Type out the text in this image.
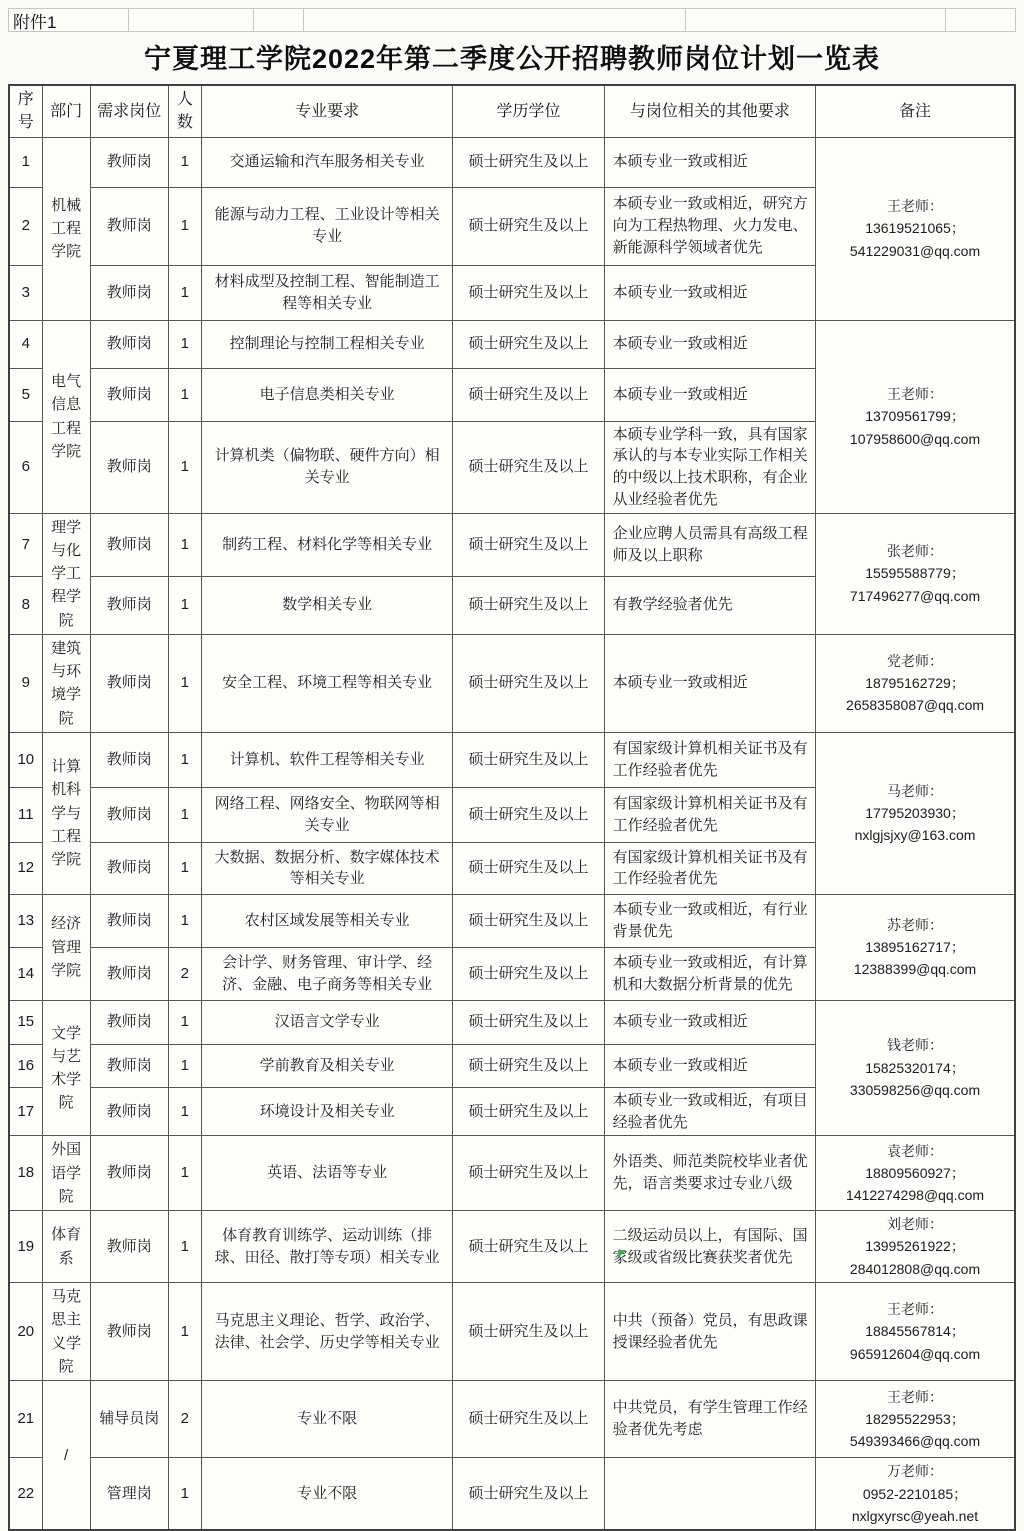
附件1
宁夏理工学院2022年第二季度公开招聘教师岗位计划一览表
序号	部门	需求岗位	人数	专业要求	学历学位	与岗位相关的其他要求	备注
1	机械工程学院	教师岗	1	交通运输和汽车服务相关专业	硕士研究生及以上	本硕专业一致或相近	王老师：
13619521065；
541229031@qq.com

2		教师岗	1	能源与动力工程、工业设计等相关专业	硕士研究生及以上	本硕专业一致或相近，研究方向为工程热物理、火力发电、新能源科学领域者优先	
3		教师岗	1	材料成型及控制工程、智能制造工程等相关专业	硕士研究生及以上	本硕专业一致或相近	
4	电气信息工程学院	教师岗	1	控制理论与控制工程相关专业	硕士研究生及以上	本硕专业一致或相近	王老师：
13709561799；
107958600@qq.com

5		教师岗	1	电子信息类相关专业	硕士研究生及以上	本硕专业一致或相近	
6		教师岗	1	计算机类（偏物联、硬件方向）相关专业	硕士研究生及以上	本硕专业学科一致，具有国家承认的与本专业实际工作相关的中级以上技术职称，有企业从业经验者优先	
7	理学与化学工程学院	教师岗	1	制药工程、材料化学等相关专业	硕士研究生及以上	企业应聘人员需具有高级工程师及以上职称	张老师：
15595588779；
717496277@qq.com

8		教师岗	1	数学相关专业	硕士研究生及以上	有教学经验者优先	
9	建筑与环境学院	教师岗	1	安全工程、环境工程等相关专业	硕士研究生及以上	本硕专业一致或相近	党老师：
18795162729；
2658358087@qq.com

10	计算机科学与工程学院	教师岗	1	计算机、软件工程等相关专业	硕士研究生及以上	有国家级计算机相关证书及有工作经验者优先	马老师：
17795203930；
nxlgjsjxy@163.com

11		教师岗	1	网络工程、网络安全、物联网等相关专业	硕士研究生及以上	有国家级计算机相关证书及有工作经验者优先	
12		教师岗	1	大数据、数据分析、数字媒体技术等相关专业	硕士研究生及以上	有国家级计算机相关证书及有工作经验者优先	
13	经济管理学院	教师岗	1	农村区域发展等相关专业	硕士研究生及以上	本硕专业一致或相近，有行业背景优先	苏老师：
13895162717；
12388399@qq.com

14		教师岗	2	会计学、财务管理、审计学、经济、金融、电子商务等相关专业	硕士研究生及以上	本硕专业一致或相近，有计算机和大数据分析背景的优先	
15	文学与艺术学院	教师岗	1	汉语言文学专业	硕士研究生及以上	本硕专业一致或相近	钱老师：
15825320174；
330598256@qq.com

16		教师岗	1	学前教育及相关专业	硕士研究生及以上	本硕专业一致或相近	
17		教师岗	1	环境设计及相关专业	硕士研究生及以上	本硕专业一致或相近，有项目经验者优先	
18	外国语学院	教师岗	1	英语、法语等专业	硕士研究生及以上	外语类、师范类院校毕业者优先，语言类要求过专业八级	袁老师：
18809560927；
1412274298@qq.com

19	体育系	教师岗	1	体育教育训练学、运动训练（排球、田径、散打等专项）相关专业	硕士研究生及以上	二级运动员以上，有国际、国家级或省级比赛获奖者优先	刘老师：
13995261922；
284012808@qq.com

20	马克思主义学院	教师岗	1	马克思主义理论、哲学、政治学、法律、社会学、历史学等相关专业	硕士研究生及以上	中共（预备）党员，有思政课授课经验者优先	王老师：
18845567814；
965912604@qq.com

21	/	辅导员岗	2	专业不限	硕士研究生及以上	中共党员，有学生管理工作经验者优先考虑	王老师：
18295522953；
549393466@qq.com

22		管理岗	1	专业不限	硕士研究生及以上		万老师：
0952-2210185；
nxlgxyrsc@yeah.net
